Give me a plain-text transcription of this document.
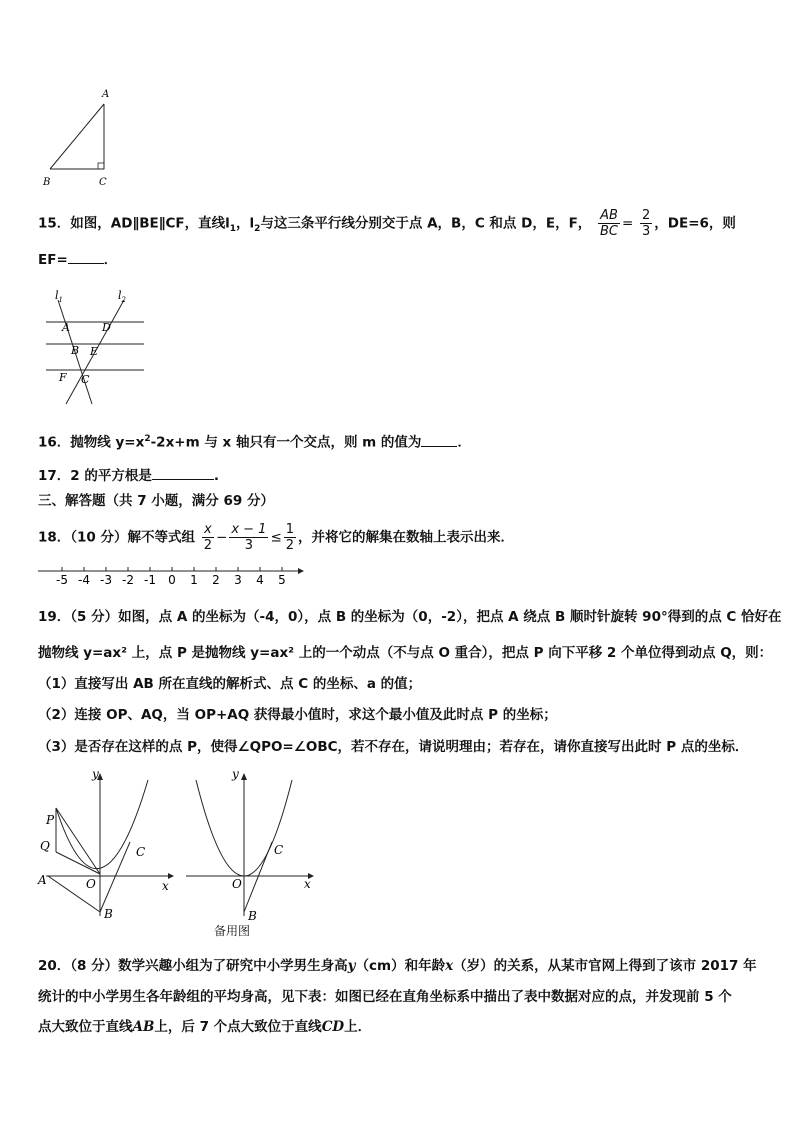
A
B	C
15．如图，AD∥BE∥CF，直线$l_1$，$l_2$与这三条平行线分别交于点 A，B，C 和点 D，E，F， $\frac{AB}{BC} = \frac{2}{3}$ ，DE=6，则
EF=	．
$l_1$	$l_2$
A	D
B E
F C
16．抛物线 $y=x^2-2x+m$ 与 x 轴只有一个交点，则 m 的值为	．
17．2 的平方根是	.
三、解答题（共 7 小题，满分 69 分）
18．（10 分）解不等式组 $\frac{x}{2} - \frac{x - 1}{3} \le \frac{1}{2}$ ，并将它的解集在数轴上表示出来．
-5 -4 -3 -2 -1 0 1 2 3 4 5
19．（5 分）如图，点 A 的坐标为（-4，0），点 B 的坐标为（0，-2），把点 A 绕点 B 顺时针旋转 90°得到的点 C 恰好在
抛物线 y=ax² 上，点 P 是抛物线 y=ax² 上的一个动点（不与点 O 重合），把点 P 向下平移 2 个单位得到动点 Q，则：
（1）直接写出 AB 所在直线的解析式、点 C 的坐标、a 的值；
（2）连接 OP、AQ，当 OP+AQ 获得最小值时，求这个最小值及此时点 P 的坐标；
（3）是否存在这样的点 P，使得∠QPO=∠OBC，若不存在，请说明理由；若存在，请你直接写出此时 P 点的坐标．
y
x
P
Q
A	O
C
B
y
x
O
C
B
备用图
20．（8 分）数学兴趣小组为了研究中小学男生身高y（cm）和年龄x（岁）的关系，从某市官网上得到了该市 2017 年
统计的中小学男生各年龄组的平均身高，见下表：如图已经在直角坐标系中描出了表中数据对应的点，并发现前 5 个
点大致位于直线AB上，后 7 个点大致位于直线CD上．
